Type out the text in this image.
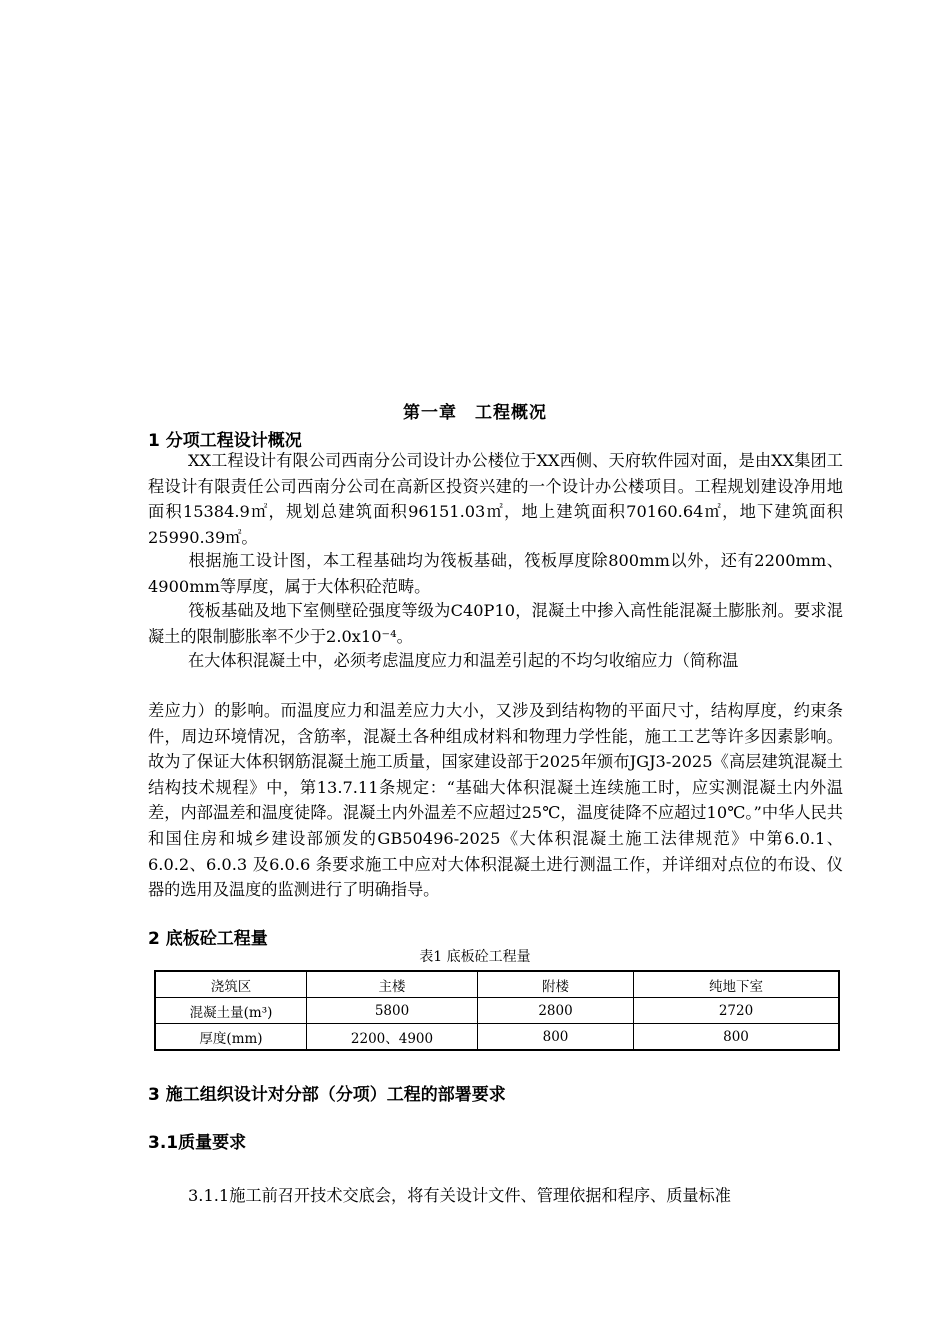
第一章　工程概况
1 分项工程设计概况
XX工程设计有限公司西南分公司设计办公楼位于XX西侧、天府软件园对面，是由XX集团工程设计有限责任公司西南分公司在高新区投资兴建的一个设计办公楼项目。工程规划建设净用地面积15384.9㎡，规划总建筑面积96151.03㎡，地上建筑面积70160.64㎡，地下建筑面积25990.39㎡。
根据施工设计图，本工程基础均为筏板基础，筏板厚度除800mm以外，还有2200mm、4900mm等厚度，属于大体积砼范畴。
筏板基础及地下室侧壁砼强度等级为C40P10，混凝土中掺入高性能混凝土膨胀剂。要求混凝土的限制膨胀率不少于2.0x10⁻⁴。
在大体积混凝土中，必须考虑温度应力和温差引起的不均匀收缩应力（简称温
差应力）的影响。而温度应力和温差应力大小，又涉及到结构物的平面尺寸，结构厚度，约束条件，周边环境情况，含筋率，混凝土各种组成材料和物理力学性能，施工工艺等许多因素影响。故为了保证大体积钢筋混凝土施工质量，国家建设部于2025年颁布JGJ3-2025《高层建筑混凝土结构技术规程》中，第13.7.11条规定：“基础大体积混凝土连续施工时，应实测混凝土内外温差，内部温差和温度徒降。混凝土内外温差不应超过25℃，温度徒降不应超过10℃。”中华人民共和国住房和城乡建设部颁发的GB50496-2025《大体积混凝土施工法律规范》中第6.0.1、6.0.2、6.0.3 及6.0.6 条要求施工中应对大体积混凝土进行测温工作，并详细对点位的布设、仪器的选用及温度的监测进行了明确指导。
2 底板砼工程量
表1 底板砼工程量
浇筑区	主楼	附楼	纯地下室
混凝土量(m³)	5800	2800	2720
厚度(mm)	2200、4900	800	800
3 施工组织设计对分部（分项）工程的部署要求
3.1质量要求
3.1.1施工前召开技术交底会，将有关设计文件、管理依据和程序、质量标准
